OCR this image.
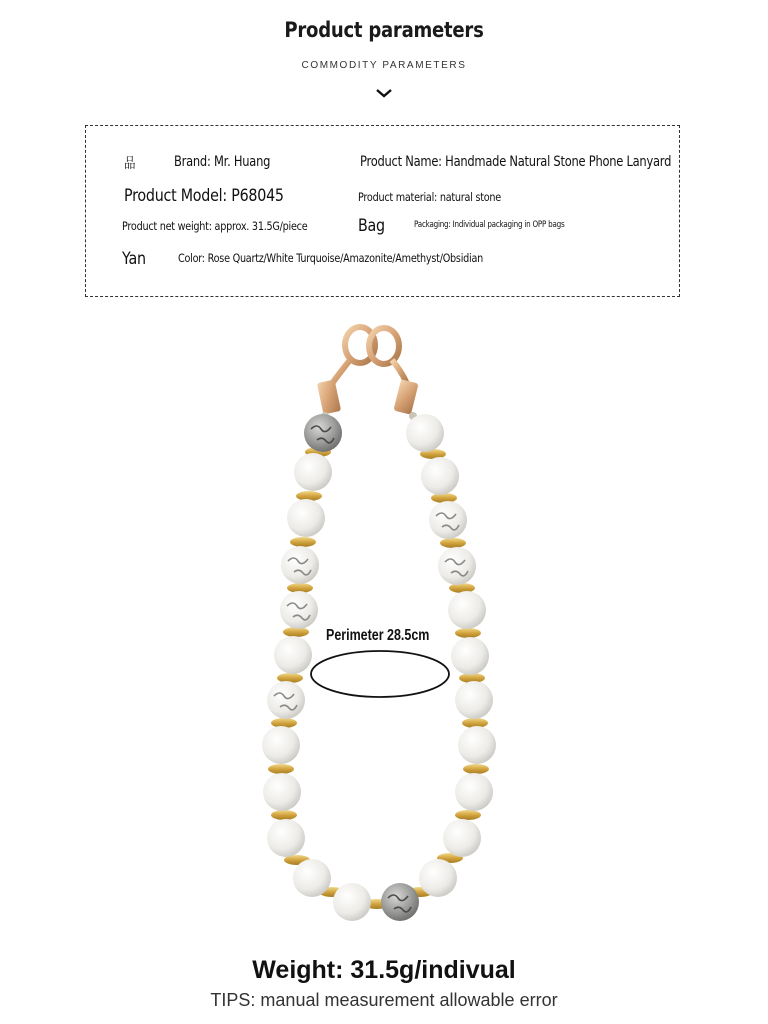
Product parameters
COMMODITY PARAMETERS
品	Brand: Mr. Huang	Product Name: Handmade Natural Stone Phone Lanyard
Product Model: P68045	Product material: natural stone
Product net weight: approx. 31.5G/piece	Bag	Packaging: Individual packaging in OPP bags
Yan	Color: Rose Quartz/White Turquoise/Amazonite/Amethyst/Obsidian
Perimeter 28.5cm
Weight: 31.5g/indivual
TIPS: manual measurement allowable error
